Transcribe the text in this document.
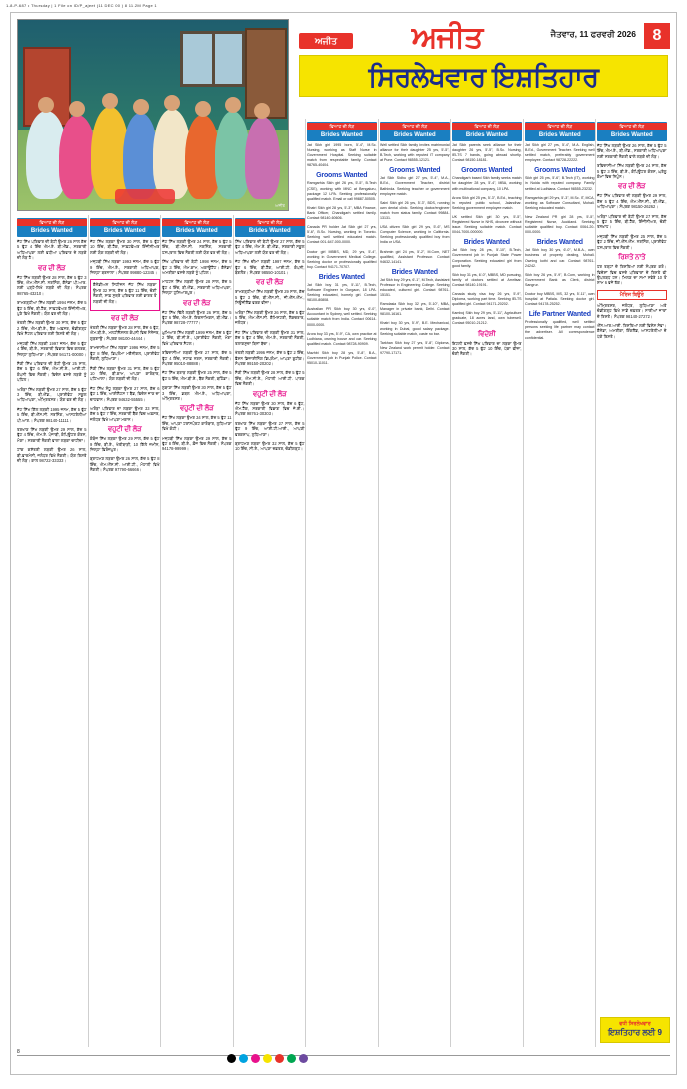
1-8-P-687 • Thursday | 1 File on ID/P_ajeet (11 DEC 00 ) 8 11.2M Page 1
ਅਜੀਤ
ਅਜੀਤ	ਅਜੀਤ	ਜੈਤਵਾਰ, 11 ਫਰਵਰੀ 2026	8
ਸਿਰਲੇਖਵਾਰ ਇਸ਼ਤਿਹਾਰ
ਵਿਆਹ ਦੀ ਲੋੜ
Brides Wanted
ਜੱਟ ਸਿੱਖ ਪਰਿਵਾਰ ਦੀ ਬੇਟੀ ਉਮਰ 26 ਸਾਲ ਕੱਦ 5 ਫੁੱਟ 4 ਇੰਚ ਐਮ.ਏ. ਬੀ.ਐੱਡ., ਸਰਕਾਰੀ ਅਧਿਆਪਕਾ ਲਈ ਵਧੀਆ ਪਰਿਵਾਰ ਦੇ ਲੜਕੇ ਦੀ ਲੋੜ ਹੈ।
ਵਰ ਦੀ ਲੋੜ
ਜੱਟ ਸਿੱਖ ਲੜਕੀ ਉਮਰ 28 ਸਾਲ, ਕੱਦ 5 ਫੁੱਟ 3 ਇੰਚ, ਐਮ.ਐੱਸ.ਸੀ. ਨਰਸਿੰਗ, ਕੈਨੇਡਾ ਪੀ.ਆਰ. ਲਈ ਪੜ੍ਹੇ-ਲਿਖੇ ਲੜਕੇ ਦੀ ਲੋੜ। ਸੰਪਰਕ 98765-43210।
ਰਾਮਗੜ੍ਹੀਆ ਸਿੱਖ ਲੜਕੀ 1994 ਜਨਮ, ਕੱਦ 5 ਫੁੱਟ 5 ਇੰਚ, ਬੀ.ਟੈੱਕ, ਸਾਫ਼ਟਵੇਅਰ ਇੰਜੀਨੀਅਰ, ਪੁਣੇ ਵਿਖੇ ਨੌਕਰੀ। ਯੋਗ ਵਰ ਦੀ ਲੋੜ।
ਖੱਤਰੀ ਸਿੱਖ ਲੜਕੀ ਉਮਰ 30 ਸਾਲ, ਕੱਦ 5 ਫੁੱਟ 2 ਇੰਚ, ਐਮ.ਬੀ.ਏ., ਬੈਂਕ ਅਫ਼ਸਰ, ਚੰਡੀਗੜ੍ਹ ਵਿਖੇ ਸੈਟਲ ਪਰਿਵਾਰ ਲਈ ਰਿਸ਼ਤੇ ਦੀ ਲੋੜ।
ਮਜ਼੍ਹਬੀ ਸਿੱਖ ਲੜਕੀ 1997 ਜਨਮ, ਕੱਦ 5 ਫੁੱਟ 4 ਇੰਚ, ਬੀ.ਏ., ਸਰਕਾਰੀ ਵਿਭਾਗ ਵਿਚ ਕਲਰਕ, ਜ਼ਿਲ੍ਹਾ ਲੁਧਿਆਣਾ। ਸੰਪਰਕ 94171-00000।
ਸੈਣੀ ਸਿੱਖ ਪਰਿਵਾਰ ਦੀ ਬੇਟੀ ਉਮਰ 25 ਸਾਲ, ਕੱਦ 5 ਫੁੱਟ 6 ਇੰਚ, ਐਮ.ਸੀ.ਏ., ਆਈ.ਟੀ. ਕੰਪਨੀ ਵਿਚ ਨੌਕਰੀ। ਵਿਦੇਸ਼ ਵਸਦੇ ਲੜਕੇ ਨੂੰ ਪਹਿਲ।
ਅਰੋੜਾ ਸਿੱਖ ਲੜਕੀ ਉਮਰ 27 ਸਾਲ, ਕੱਦ 5 ਫੁੱਟ 3 ਇੰਚ, ਬੀ.ਐੱਡ., ਪ੍ਰਾਈਵੇਟ ਸਕੂਲ ਅਧਿਆਪਕਾ, ਅੰਮ੍ਰਿਤਸਰ। ਯੋਗ ਵਰ ਦੀ ਲੋੜ।
ਜੱਟ ਸਿੱਖ ਗਿੱਲ ਲੜਕੀ 1995 ਜਨਮ, ਕੱਦ 5 ਫੁੱਟ 5 ਇੰਚ, ਬੀ.ਐੱਸ.ਸੀ. ਨਰਸਿੰਗ, ਆਸਟਰੇਲੀਆ ਪੀ.ਆਰ.। ਸੰਪਰਕ 98140-11111।
ਤਰਖਾਣ ਸਿੱਖ ਲੜਕੀ ਉਮਰ 29 ਸਾਲ, ਕੱਦ 5 ਫੁੱਟ 4 ਇੰਚ, ਐਮ.ਏ. ਪੰਜਾਬੀ, ਕੰਪਿਊਟਰ ਕੋਰਸ, ਮੋਗਾ। ਸਰਕਾਰੀ ਨੌਕਰੀ ਵਾਲਾ ਲੜਕਾ ਚਾਹੀਦਾ।
ਟਾਂਕ ਕਸ਼ੱਤਰੀ ਲੜਕੀ ਉਮਰ 26 ਸਾਲ, ਬੀ.ਫ਼ਾਰਮੇਸੀ, ਜਲੰਧਰ ਵਿਖੇ ਨੌਕਰੀ। ਯੋਗ ਰਿਸ਼ਤੇ ਦੀ ਲੋੜ। ਕਾਲ 98722-33333।
ਵਿਆਹ ਦੀ ਲੋੜ
Brides Wanted
ਜੱਟ ਸਿੱਖ ਲੜਕਾ ਉਮਰ 30 ਸਾਲ, ਕੱਦ 5 ਫੁੱਟ 10 ਇੰਚ, ਬੀ.ਟੈੱਕ, ਸਾਫ਼ਟਵੇਅਰ ਇੰਜੀਨੀਅਰ ਲਈ ਯੋਗ ਲੜਕੀ ਦੀ ਲੋੜ।
ਮਜ਼੍ਹਬੀ ਸਿੱਖ ਲੜਕਾ 1993 ਜਨਮ, ਕੱਦ 5 ਫੁੱਟ 9 ਇੰਚ, ਐਮ.ਏ., ਸਰਕਾਰੀ ਅਧਿਆਪਕ, ਜ਼ਿਲ੍ਹਾ ਬਰਨਾਲਾ। ਸੰਪਰਕ 99880-12345।
ਕੈਨੇਡੀਅਨ ਸਿਟੀਜ਼ਨ ਜੱਟ ਸਿੱਖ ਲੜਕਾ ਉਮਰ 32 ਸਾਲ, ਕੱਦ 5 ਫੁੱਟ 11 ਇੰਚ, ਚੰਗੀ ਨੌਕਰੀ, ਸਾਫ਼ ਸੁਥਰੇ ਪਰਿਵਾਰ ਲਈ ਭਾਰਤ ਤੋਂ ਲੜਕੀ ਦੀ ਲੋੜ।
ਵਰ ਦੀ ਲੋੜ
ਖੱਤਰੀ ਸਿੱਖ ਲੜਕਾ ਉਮਰ 28 ਸਾਲ, ਕੱਦ 6 ਫੁੱਟ, ਐਮ.ਬੀ.ਏ., ਮਲਟੀਨੈਸ਼ਨਲ ਕੰਪਨੀ ਵਿਚ ਮੈਨੇਜਰ, ਗੁੜਗਾਉਂ। ਸੰਪਰਕ 98100-44444।
ਰਾਮਦਾਸੀਆ ਸਿੱਖ ਲੜਕਾ 1996 ਜਨਮ, ਕੱਦ 5 ਫੁੱਟ 8 ਇੰਚ, ਡਿਪਲੋਮਾ ਮਕੈਨੀਕਲ, ਪ੍ਰਾਈਵੇਟ ਨੌਕਰੀ, ਲੁਧਿਆਣਾ।
ਸੈਣੀ ਸਿੱਖ ਲੜਕਾ ਉਮਰ 31 ਸਾਲ, ਕੱਦ 5 ਫੁੱਟ 10 ਇੰਚ, ਬੀ.ਕਾਮ, ਆਪਣਾ ਕਾਰੋਬਾਰ, ਪਟਿਆਲਾ। ਯੋਗ ਲੜਕੀ ਦੀ ਲੋੜ।
ਜੱਟ ਸਿੱਖ ਸੰਧੂ ਲੜਕਾ ਉਮਰ 27 ਸਾਲ, ਕੱਦ 6 ਫੁੱਟ 1 ਇੰਚ, ਆਈਲੈਟਸ 7 ਬੈਂਡ, ਵਿਦੇਸ਼ ਜਾਣ ਦਾ ਚਾਹਵਾਨ। ਸੰਪਰਕ 94632-55555।
ਅਰੋੜਾ ਪਰਿਵਾਰ ਦਾ ਲੜਕਾ ਉਮਰ 33 ਸਾਲ, ਕੱਦ 5 ਫੁੱਟ 7 ਇੰਚ, ਸਰਕਾਰੀ ਬੈਂਕ ਵਿਚ ਅਫ਼ਸਰ, ਜਲੰਧਰ ਵਿਖੇ ਆਪਣਾ ਮਕਾਨ।
ਵਹੁਟੀ ਦੀ ਲੋੜ
ਕੰਬੋਜ ਸਿੱਖ ਲੜਕਾ ਉਮਰ 29 ਸਾਲ, ਕੱਦ 5 ਫੁੱਟ 9 ਇੰਚ, ਬੀ.ਏ., ਖੇਤੀਬਾੜੀ, 10 ਕਿੱਲੇ ਜ਼ਮੀਨ, ਜ਼ਿਲ੍ਹਾ ਫ਼ਿਰੋਜ਼ਪੁਰ।
ਬ੍ਰਾਹਮਣ ਲੜਕਾ ਉਮਰ 26 ਸਾਲ, ਕੱਦ 5 ਫੁੱਟ 8 ਇੰਚ, ਐਮ.ਐੱਸ.ਸੀ. ਆਈ.ਟੀ., ਮੋਹਾਲੀ ਵਿਖੇ ਨੌਕਰੀ। ਸੰਪਰਕ 97790-66666।
ਵਿਆਹ ਦੀ ਲੋੜ
Brides Wanted
ਜੱਟ ਸਿੱਖ ਲੜਕੀ ਉਮਰ 24 ਸਾਲ, ਕੱਦ 5 ਫੁੱਟ 5 ਇੰਚ, ਬੀ.ਐੱਸ.ਸੀ. ਨਰਸਿੰਗ, ਸਰਕਾਰੀ ਹਸਪਤਾਲ ਵਿਚ ਨੌਕਰੀ ਲਈ ਯੋਗ ਵਰ ਦੀ ਲੋੜ।
ਸਿੱਖ ਪਰਿਵਾਰ ਦੀ ਬੇਟੀ 1998 ਜਨਮ, ਕੱਦ 5 ਫੁੱਟ 3 ਇੰਚ, ਐਮ.ਕਾਮ, ਅਕਾਊਂਟੈਂਟ। ਕੈਨੇਡਾ/ਅਮਰੀਕਾ ਵਸਦੇ ਲੜਕੇ ਨੂੰ ਪਹਿਲ।
ਮਾਹਟਨ ਸਿੱਖ ਲੜਕੀ ਉਮਰ 28 ਸਾਲ, ਕੱਦ 5 ਫੁੱਟ 4 ਇੰਚ, ਬੀ.ਐੱਡ., ਸਰਕਾਰੀ ਅਧਿਆਪਕਾ, ਜ਼ਿਲ੍ਹਾ ਹੁਸ਼ਿਆਰਪੁਰ।
ਵਰ ਦੀ ਲੋੜ
ਜੱਟ ਸਿੱਖ ਢਿੱਲੋਂ ਲੜਕੀ ਉਮਰ 26 ਸਾਲ, ਕੱਦ 5 ਫੁੱਟ 6 ਇੰਚ, ਐਮ.ਏ. ਇਕਨਾਮਿਕਸ, ਬੀ.ਐੱਡ.। ਸੰਪਰਕ 98728-77777।
ਘੁਮਿਆਰ ਸਿੱਖ ਲੜਕੀ 1999 ਜਨਮ, ਕੱਦ 5 ਫੁੱਟ 2 ਇੰਚ, ਬੀ.ਸੀ.ਏ., ਪ੍ਰਾਈਵੇਟ ਨੌਕਰੀ, ਮੋਗਾ ਵਿਖੇ ਪਰਿਵਾਰ ਸੈਟਲ।
ਰਵਿਦਾਸੀਆ ਲੜਕੀ ਉਮਰ 27 ਸਾਲ, ਕੱਦ 5 ਫੁੱਟ 4 ਇੰਚ, ਸਟਾਫ਼ ਨਰਸ, ਸਰਕਾਰੀ ਨੌਕਰੀ। ਸੰਪਰਕ 95010-88888।
ਜੱਟ ਸਿੱਖ ਬਰਾੜ ਲੜਕੀ ਉਮਰ 25 ਸਾਲ, ਕੱਦ 5 ਫੁੱਟ 5 ਇੰਚ, ਐਮ.ਬੀ.ਏ., ਬੈਂਕ ਨੌਕਰੀ, ਬਠਿੰਡਾ।
ਲੁਬਾਣਾ ਸਿੱਖ ਲੜਕੀ ਉਮਰ 30 ਸਾਲ, ਕੱਦ 5 ਫੁੱਟ 3 ਇੰਚ, ਡਬਲ ਐਮ.ਏ., ਅਧਿਆਪਕਾ, ਅੰਮ੍ਰਿਤਸਰ।
ਵਹੁਟੀ ਦੀ ਲੋੜ
ਜੱਟ ਸਿੱਖ ਲੜਕਾ ਉਮਰ 34 ਸਾਲ, ਕੱਦ 5 ਫੁੱਟ 11 ਇੰਚ, ਆਪਣਾ ਟਰਾਂਸਪੋਰਟ ਕਾਰੋਬਾਰ, ਲੁਧਿਆਣਾ ਵਿਖੇ ਕੋਠੀ।
ਮਜ਼੍ਹਬੀ ਸਿੱਖ ਲੜਕਾ ਉਮਰ 29 ਸਾਲ, ਕੱਦ 5 ਫੁੱਟ 8 ਇੰਚ, ਬੀ.ਏ., ਫ਼ੌਜ ਵਿਚ ਨੌਕਰੀ। ਸੰਪਰਕ 94178-99999।
ਵਿਆਹ ਦੀ ਲੋੜ
Brides Wanted
ਸਿੱਖ ਪਰਿਵਾਰ ਦੀ ਬੇਟੀ ਉਮਰ 27 ਸਾਲ, ਕੱਦ 5 ਫੁੱਟ 4 ਇੰਚ, ਐਮ.ਏ. ਬੀ.ਐੱਡ., ਸਰਕਾਰੀ ਸਕੂਲ ਅਧਿਆਪਕਾ ਲਈ ਯੋਗ ਵਰ ਦੀ ਲੋੜ।
ਜੱਟ ਸਿੱਖ ਚੀਮਾ ਲੜਕੀ 1997 ਜਨਮ, ਕੱਦ 5 ਫੁੱਟ 6 ਇੰਚ, ਬੀ.ਟੈੱਕ, ਆਈ.ਟੀ. ਕੰਪਨੀ, ਬੰਗਲੌਰ। ਸੰਪਰਕ 98550-10101।
ਵਰ ਦੀ ਲੋੜ
ਰਾਮਗੜ੍ਹੀਆ ਸਿੱਖ ਲੜਕੀ ਉਮਰ 29 ਸਾਲ, ਕੱਦ 5 ਫੁੱਟ 3 ਇੰਚ, ਬੀ.ਐੱਸ.ਸੀ., ਜੀ.ਐੱਨ.ਐੱਮ., ਨਿਊਜ਼ੀਲੈਂਡ ਵਰਕ ਵੀਜ਼ਾ।
ਅਰੋੜਾ ਸਿੱਖ ਲੜਕੀ ਉਮਰ 26 ਸਾਲ, ਕੱਦ 5 ਫੁੱਟ 5 ਇੰਚ, ਐਮ.ਐੱਸ.ਸੀ. ਕੈਮਿਸਟਰੀ, ਲੈਕਚਰਾਰ, ਜਲੰਧਰ।
ਜੱਟ ਸਿੱਖ ਪਰਿਵਾਰ ਦੀ ਲੜਕੀ ਉਮਰ 31 ਸਾਲ, ਕੱਦ 5 ਫੁੱਟ 4 ਇੰਚ, ਐਮ.ਏ., ਸਰਕਾਰੀ ਨੌਕਰੀ, ਤਲਾਕਸ਼ੁਦਾ ਬਿਨਾਂ ਬੱਚਾ।
ਖੱਤਰੀ ਲੜਕੀ 1996 ਜਨਮ, ਕੱਦ 5 ਫੁੱਟ 2 ਇੰਚ, ਫ਼ੈਸ਼ਨ ਡਿਜ਼ਾਈਨਿੰਗ ਡਿਪਲੋਮਾ, ਆਪਣਾ ਬੁਟੀਕ। ਸੰਪਰਕ 99150-20202।
ਸੈਣੀ ਸਿੱਖ ਲੜਕੀ ਉਮਰ 28 ਸਾਲ, ਕੱਦ 5 ਫੁੱਟ 5 ਇੰਚ, ਐਮ.ਸੀ.ਏ., ਮੋਹਾਲੀ ਆਈ.ਟੀ. ਪਾਰਕ ਵਿਚ ਨੌਕਰੀ।
ਵਹੁਟੀ ਦੀ ਲੋੜ
ਜੱਟ ਸਿੱਖ ਲੜਕਾ ਉਮਰ 30 ਸਾਲ, ਕੱਦ 6 ਫੁੱਟ, ਐਮ.ਟੈੱਕ, ਸਰਕਾਰੀ ਵਿਭਾਗ ਵਿਚ ਜੇ.ਈ.। ਸੰਪਰਕ 98761-30303।
ਤਰਖਾਣ ਸਿੱਖ ਲੜਕਾ ਉਮਰ 27 ਸਾਲ, ਕੱਦ 5 ਫੁੱਟ 9 ਇੰਚ, ਆਈ.ਟੀ.ਆਈ., ਆਪਣੀ ਵਰਕਸ਼ਾਪ, ਲੁਧਿਆਣਾ।
ਬ੍ਰਾਹਮਣ ਲੜਕਾ ਉਮਰ 32 ਸਾਲ, ਕੱਦ 5 ਫੁੱਟ 10 ਇੰਚ, ਸੀ.ਏ., ਆਪਣਾ ਦਫ਼ਤਰ, ਚੰਡੀਗੜ੍ਹ।
ਵਿਆਹ ਦੀ ਲੋੜ
Brides Wanted
Jat Sikh girl 1995 born, 5'-4", M.Sc. Nursing, working as Staff Nurse in Government Hospital. Seeking suitable match from respectable family. Contact 98765-40404.
Grooms Wanted
Ramgarhia Sikh girl 26 yrs, 5'-5", B.Tech (CSE), working with MNC at Bengaluru, package 12 LPA. Seeking professionally qualified match. Email or call 99887-50505.
Khatri Sikh girl 28 yrs, 5'-3", MBA Finance, Bank Officer, Chandigarh settled family. Contact 98140-60606.
Canada PR holder Jat Sikh girl 27 yrs, 5'-6", B.Sc. Nursing, working in Toronto. Seeking well settled educated match. Contact 001-647-000-0000.
Doctor girl MBBS, MD, 29 yrs, 5'-4", working in Government Medical College. Seeking doctor or professionally qualified boy. Contact 94171-70707.
Brides Wanted
Jat Sikh boy 31 yrs, 5'-11", B.Tech, Software Engineer in Gurgaon, 18 LPA. Seeking educated, homely girl. Contact 98100-80808.
Australian PR Sikh boy 30 yrs, 6'-0", Accountant in Sydney, well settled. Seeking suitable match from India. Contact 00614-0000-0000.
Arora boy 33 yrs, 5'-9", CA, own practice at Ludhiana, owning house and car. Seeking qualified match. Contact 98728-90909.
Mazhbi Sikh boy 28 yrs, 5'-8", B.A., Government job in Punjab Police. Contact 95010-11011.
ਵਿਆਹ ਦੀ ਲੋੜ
Brides Wanted
Well settled Sikh family invites matrimonial alliance for their daughter 25 yrs, 5'-5", B.Tech, working with reputed IT company at Pune. Contact 98555-12121.
Grooms Wanted
Jat Sikh Sidhu girl 27 yrs, 5'-4", M.A., B.Ed., Government Teacher, district Bathinda. Seeking teacher or government employee match.
Saini Sikh girl 26 yrs, 5'-3", BDS, running own dental clinic. Seeking doctor/engineer match from status family. Contact 99884-13131.
USA citizen Sikh girl 29 yrs, 5'-6", MS Computer Science, working in California. Seeking professionally qualified boy from India or USA.
Brahmin girl 24 yrs, 5'-2", M.Com, NET qualified, Assistant Professor. Contact 94632-14141.
Brides Wanted
Jat Sikh boy 29 yrs, 6'-1", M.Tech, Assistant Professor in Engineering College. Seeking educated, cultured girl. Contact 98761-15151.
Ramdasia Sikh boy 32 yrs, 5'-10", MBA, Manager in private bank, Delhi. Contact 98100-16161.
Khatri boy 30 yrs, 5'-9", B.E. Mechanical, working in Dubai, good salary package. Seeking suitable match, caste no bar.
Tarkhan Sikh boy 27 yrs, 5'-8", Diploma, New Zealand work permit holder. Contact 97790-17171.
ਵਿਆਹ ਦੀ ਲੋੜ
Brides Wanted
Jat Sikh parents seek alliance for their daughter 26 yrs, 5'-5", B.Sc. Nursing, IELTS 7 bands, going abroad shortly. Contact 98150-18181.
Grooms Wanted
Chandigarh based Sikh family seeks match for daughter 28 yrs, 5'-4", MBA, working with multinational company, 10 LPA.
Arora Sikh girl 25 yrs, 5'-3", B.Ed., teaching in reputed public school, Jalandhar. Seeking government employee match.
UK settled Sikh girl 30 yrs, 5'-5", Registered Nurse in NHS, divorcee without issue. Seeking suitable match. Contact 0044-7000-000000.
Brides Wanted
Jat Sikh boy 28 yrs, 5'-10", B.Tech, Government job in Punjab State Power Corporation. Seeking educated girl from good family.
Sikh boy 31 yrs, 6'-0", MBBS, MD pursuing, family of doctors settled at Amritsar. Contact 98140-19191.
Canada study visa boy 26 yrs, 5'-9", Diploma, working part time. Seeking IELTS qualified girl. Contact 94171-20202.
Kamboj Sikh boy 29 yrs, 5'-11", Agriculture graduate, 18 acres land, own tubewell. Contact 95010-21212.
ਵਿਦੇਸ਼ੀ
ਇਟਲੀ ਵਸਦੇ ਸਿੱਖ ਪਰਿਵਾਰ ਦਾ ਲੜਕਾ ਉਮਰ 30 ਸਾਲ, ਕੱਦ 5 ਫੁੱਟ 10 ਇੰਚ, ਪੱਕਾ ਵੀਜ਼ਾ, ਚੰਗੀ ਨੌਕਰੀ।
ਵਿਆਹ ਦੀ ਲੋੜ
Brides Wanted
Jat Sikh girl 27 yrs, 5'-4", M.A. English, B.Ed., Government Teacher. Seeking well settled match, preferably government employee. Contact 98728-22222.
Grooms Wanted
Sikh girl 25 yrs, 5'-6", B.Tech (IT), working in Noida with reputed company. Family settled at Ludhiana. Contact 98555-23232.
Ramgarhia girl 29 yrs, 5'-3", M.Sc. IT, MCA, working as Software Consultant, Mohali. Seeking educated match.
New Zealand PR girl 28 yrs, 5'-5", Registered Nurse, Auckland. Seeking suitable qualified boy. Contact 0064-20-000-0000.
Brides Wanted
Jat Sikh boy 30 yrs, 6'-0", M.B.A., own business of property dealing, Mohali. Owning kothi and car. Contact 98761-24242.
Sikh boy 26 yrs, 5'-9", B.Com, working in Government Bank as Clerk, district Sangrur.
Doctor boy MBBS, MS, 32 yrs, 5'-11", own hospital at Patiala. Seeking doctor girl. Contact 94178-25252.
Life Partner Wanted
Professionally qualified, well settled persons seeking life partner may contact the advertiser. All correspondence confidential.
ਵਿਆਹ ਦੀ ਲੋੜ
Brides Wanted
ਜੱਟ ਸਿੱਖ ਲੜਕੀ ਉਮਰ 26 ਸਾਲ, ਕੱਦ 5 ਫੁੱਟ 5 ਇੰਚ, ਐਮ.ਏ., ਬੀ.ਐੱਡ., ਸਰਕਾਰੀ ਅਧਿਆਪਕਾ ਲਈ ਸਰਕਾਰੀ ਨੌਕਰੀ ਵਾਲੇ ਲੜਕੇ ਦੀ ਲੋੜ।
ਰਵਿਦਾਸੀਆ ਸਿੱਖ ਲੜਕੀ ਉਮਰ 24 ਸਾਲ, ਕੱਦ 5 ਫੁੱਟ 3 ਇੰਚ, ਬੀ.ਏ., ਕੰਪਿਊਟਰ ਕੋਰਸ, ਘਰੇਲੂ ਕੰਮਾਂ ਵਿਚ ਨਿਪੁੰਨ।
ਵਰ ਦੀ ਲੋੜ
ਜੱਟ ਸਿੱਖ ਪਰਿਵਾਰ ਦੀ ਲੜਕੀ ਉਮਰ 29 ਸਾਲ, ਕੱਦ 5 ਫੁੱਟ 4 ਇੰਚ, ਐਮ.ਐੱਸ.ਸੀ., ਬੀ.ਐੱਡ., ਅਧਿਆਪਕਾ। ਸੰਪਰਕ 98150-26262।
ਅਰੋੜਾ ਪਰਿਵਾਰ ਦੀ ਬੇਟੀ ਉਮਰ 27 ਸਾਲ, ਕੱਦ 5 ਫੁੱਟ 5 ਇੰਚ, ਬੀ.ਟੈੱਕ, ਇੰਜੀਨੀਅਰ, ਚੰਗੀ ਤਨਖ਼ਾਹ।
ਮਜ਼੍ਹਬੀ ਸਿੱਖ ਲੜਕੀ ਉਮਰ 25 ਸਾਲ, ਕੱਦ 5 ਫੁੱਟ 2 ਇੰਚ, ਜੀ.ਐੱਨ.ਐੱਮ. ਨਰਸਿੰਗ, ਪ੍ਰਾਈਵੇਟ ਹਸਪਤਾਲ ਵਿਚ ਨੌਕਰੀ।
ਰਿਸ਼ਤੇ ਨਾਤੇ
ਹਰ ਤਰ੍ਹਾਂ ਦੇ ਰਿਸ਼ਤਿਆਂ ਲਈ ਸੰਪਰਕ ਕਰੋ। ਵਿਦੇਸ਼ਾਂ ਵਿਚ ਵਸਦੇ ਪਰਿਵਾਰਾਂ ਦੇ ਰਿਸ਼ਤੇ ਵੀ ਉਪਲਬਧ ਹਨ। ਮਿਲਣ ਦਾ ਸਮਾਂ ਸਵੇਰੇ 10 ਤੋਂ ਸ਼ਾਮ 6 ਵਜੇ ਤੱਕ।
ਮੈਰਿਜ ਬਿਊਰੋ
ਅੰਮ੍ਰਿਤਸਰ, ਜਲੰਧਰ, ਲੁਧਿਆਣਾ ਅਤੇ ਚੰਡੀਗੜ੍ਹ ਵਿਖੇ ਸਾਡੇ ਦਫ਼ਤਰ। ਸਾਰੀਆਂ ਜਾਤਾਂ ਦੇ ਰਿਸ਼ਤੇ। ਸੰਪਰਕ 98140-27272।
ਐੱਨ.ਆਰ.ਆਈ. ਰਿਸ਼ਤਿਆਂ ਲਈ ਵਿਸ਼ੇਸ਼ ਸੇਵਾ। ਕੈਨੇਡਾ, ਅਮਰੀਕਾ, ਇੰਗਲੈਂਡ, ਆਸਟਰੇਲੀਆ ਦੇ ਪੱਕੇ ਰਿਸ਼ਤੇ।
8
ਵਧੀ ਸਿਰਲੇਖਵਾਰ
ਇਸ਼ਤਿਹਾਰ ਲਈ 9
